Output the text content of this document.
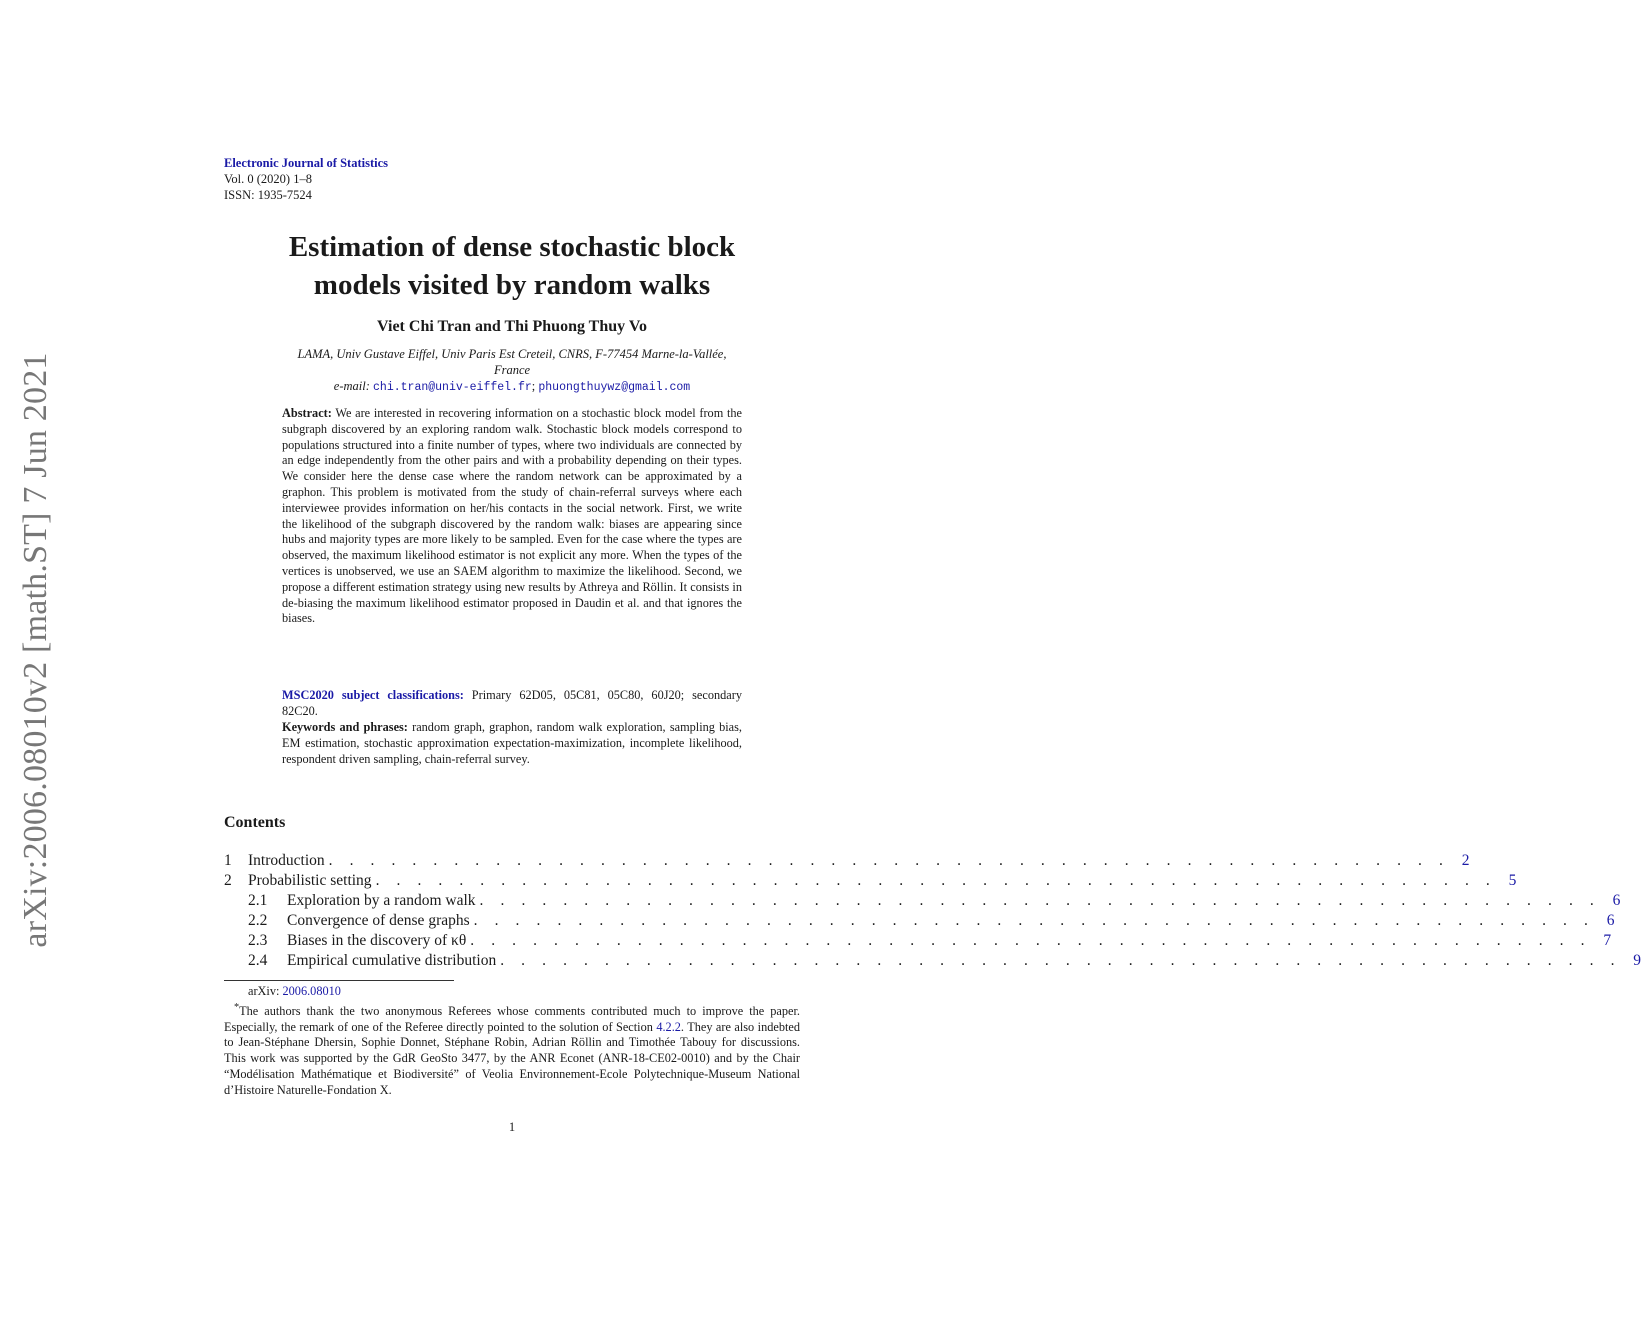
arXiv:2006.08010v2 [math.ST] 7 Jun 2021
Electronic Journal of Statistics
Vol. 0 (2020) 1–8
ISSN: 1935-7524
Estimation of dense stochastic block
models visited by random walks
Viet Chi Tran and Thi Phuong Thuy Vo
LAMA, Univ Gustave Eiffel, Univ Paris Est Creteil, CNRS, F-77454 Marne-la-Vallée,
France
e-mail: chi.tran@univ-eiffel.fr; phuongthuywz@gmail.com

Abstract: We are interested in recovering information on a stochastic block model from the subgraph discovered by an exploring random walk. Stochastic block models correspond to populations structured into a finite number of types, where two individuals are connected by an edge independently from the other pairs and with a probability depending on their types. We consider here the dense case where the random network can be approximated by a graphon. This problem is motivated from the study of chain-referral surveys where each interviewee provides information on her/his contacts in the social network. First, we write the likelihood of the subgraph discovered by the random walk: biases are appearing since hubs and majority types are more likely to be sampled. Even for the case where the types are observed, the maximum likelihood estimator is not explicit any more. When the types of the vertices is unobserved, we use an SAEM algorithm to maximize the likelihood. Second, we propose a different estimation strategy using new results by Athreya and Röllin. It consists in de-biasing the maximum likelihood estimator proposed in Daudin et al. and that ignores the biases.

MSC2020 subject classifications: Primary 62D05, 05C81, 05C80, 60J20; secondary 82C20.

Keywords and phrases: random graph, graphon, random walk exploration, sampling bias, EM estimation, stochastic approximation expectation-maximization, incomplete likelihood, respondent driven sampling, chain-referral survey.

Contents
1	Introduction . . . . . . . . . . . . . . . . . . . . . . . . . . . . . . . . . . . . . . . . . . . . . . . . . . . . . . 2
2	Probabilistic setting . . . . . . . . . . . . . . . . . . . . . . . . . . . . . . . . . . . . . . . . . . . . . . . . . . . . . . 5
2.1	Exploration by a random walk . . . . . . . . . . . . . . . . . . . . . . . . . . . . . . . . . . . . . . . . . . . . . . . . . . . . . . 6
2.2	Convergence of dense graphs . . . . . . . . . . . . . . . . . . . . . . . . . . . . . . . . . . . . . . . . . . . . . . . . . . . . . . 6
2.3	Biases in the discovery of κθ . . . . . . . . . . . . . . . . . . . . . . . . . . . . . . . . . . . . . . . . . . . . . . . . . . . . . . 7
2.4	Empirical cumulative distribution . . . . . . . . . . . . . . . . . . . . . . . . . . . . . . . . . . . . . . . . . . . . . . . . . . . . . . 9
arXiv: 2006.08010

*The authors thank the two anonymous Referees whose comments contributed much to improve the paper. Especially, the remark of one of the Referee directly pointed to the solution of Section 4.2.2. They are also indebted to Jean-Stéphane Dhersin, Sophie Donnet, Stéphane Robin, Adrian Röllin and Timothée Tabouy for discussions. This work was supported by the GdR GeoSto 3477, by the ANR Econet (ANR-18-CE02-0010) and by the Chair “Modélisation Mathématique et Biodiversité” of Veolia Environnement-Ecole Polytechnique-Museum National d’Histoire Naturelle-Fondation X.

1
